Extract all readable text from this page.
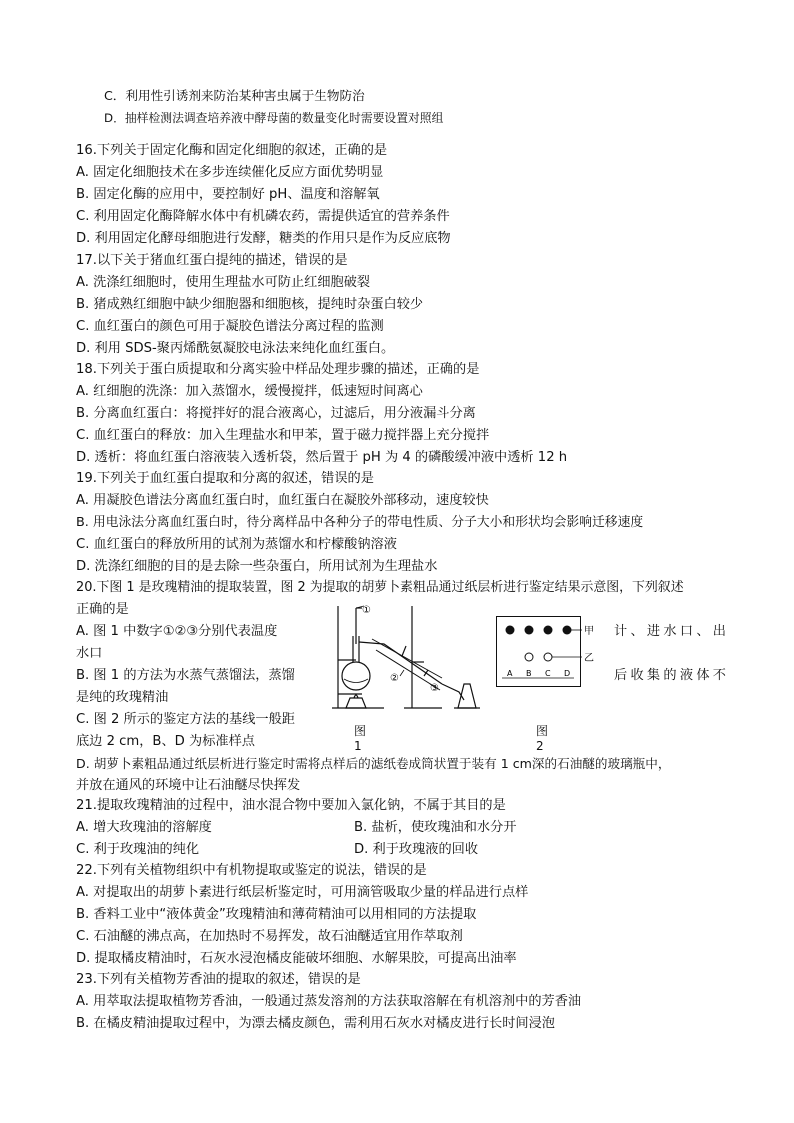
C．利用性引诱剂来防治某种害虫属于生物防治
D．抽样检测法调查培养液中酵母菌的数量变化时需要设置对照组
16.下列关于固定化酶和固定化细胞的叙述，正确的是
A. 固定化细胞技术在多步连续催化反应方面优势明显
B. 固定化酶的应用中，要控制好 pH、温度和溶解氧
C. 利用固定化酶降解水体中有机磷农药，需提供适宜的营养条件
D. 利用固定化酵母细胞进行发酵，糖类的作用只是作为反应底物
17.以下关于猪血红蛋白提纯的描述，错误的是
A. 洗涤红细胞时，使用生理盐水可防止红细胞破裂
B. 猪成熟红细胞中缺少细胞器和细胞核，提纯时杂蛋白较少
C. 血红蛋白的颜色可用于凝胶色谱法分离过程的监测
D. 利用 SDS-聚丙烯酰氨凝胶电泳法来纯化血红蛋白。
18.下列关于蛋白质提取和分离实验中样品处理步骤的描述，正确的是
A. 红细胞的洗涤：加入蒸馏水，缓慢搅拌，低速短时间离心
B. 分离血红蛋白：将搅拌好的混合液离心，过滤后，用分液漏斗分离
C. 血红蛋白的释放：加入生理盐水和甲苯，置于磁力搅拌器上充分搅拌
D. 透析：将血红蛋白溶液装入透析袋，然后置于 pH 为 4 的磷酸缓冲液中透析 12 h
19.下列关于血红蛋白提取和分离的叙述，错误的是
A. 用凝胶色谱法分离血红蛋白时，血红蛋白在凝胶外部移动，速度较快
B. 用电泳法分离血红蛋白时，待分离样品中各种分子的带电性质、分子大小和形状均会影响迁移速度
C. 血红蛋白的释放所用的试剂为蒸馏水和柠檬酸钠溶液
D. 洗涤红细胞的目的是去除一些杂蛋白，所用试剂为生理盐水
20.下图 1 是玫瑰精油的提取装置，图 2 为提取的胡萝卜素粗品通过纸层析进行鉴定结果示意图，下列叙述
正确的是
A. 图 1 中数字①②③分别代表温度	计、进水口、出
水口
B. 图 1 的方法为水蒸气蒸馏法，蒸馏	后收集的液体不
是纯的玫瑰精油
C. 图 2 所示的鉴定方法的基线一般距
底边 2 cm，B、D 为标准样点
D. 胡萝卜素粗品通过纸层析进行鉴定时需将点样后的滤纸卷成筒状置于装有 1 cm深的石油醚的玻璃瓶中，
并放在通风的环境中让石油醚尽快挥发
①
②
③
图1
甲
乙
A B C D
图 2
21.提取玫瑰精油的过程中，油水混合物中要加入氯化钠，不属于其目的是
A. 增大玫瑰油的溶解度	B. 盐析，使玫瑰油和水分开
C. 利于玫瑰油的纯化	D. 利于玫瑰液的回收
22.下列有关植物组织中有机物提取或鉴定的说法，错误的是
A. 对提取出的胡萝卜素进行纸层析鉴定时，可用滴管吸取少量的样品进行点样
B. 香料工业中“液体黄金”玫瑰精油和薄荷精油可以用相同的方法提取
C. 石油醚的沸点高，在加热时不易挥发，故石油醚适宜用作萃取剂
D. 提取橘皮精油时，石灰水浸泡橘皮能破坏细胞、水解果胶，可提高出油率
23.下列有关植物芳香油的提取的叙述，错误的是
A. 用萃取法提取植物芳香油，一般通过蒸发溶剂的方法获取溶解在有机溶剂中的芳香油
B. 在橘皮精油提取过程中，为漂去橘皮颜色，需利用石灰水对橘皮进行长时间浸泡
